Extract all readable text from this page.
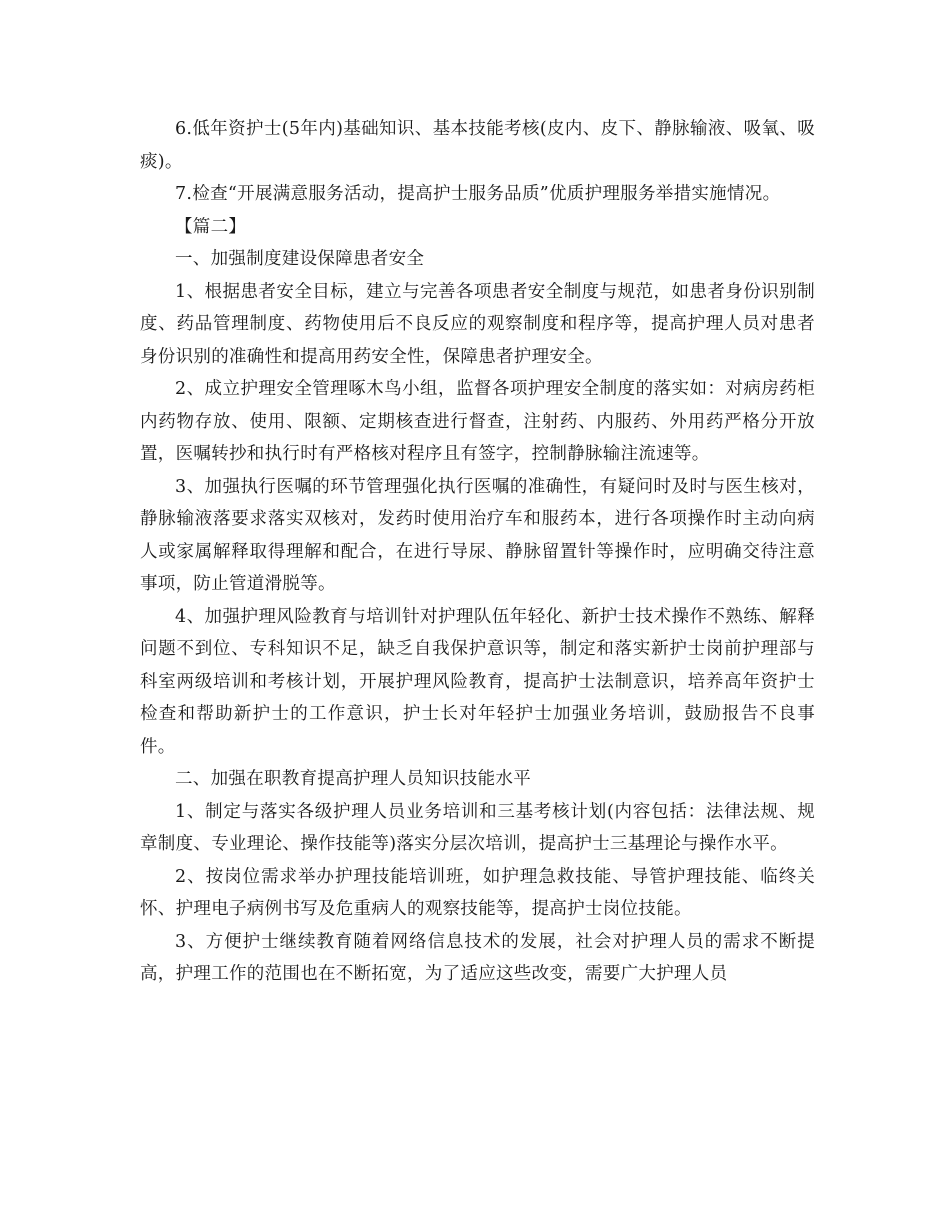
6.低年资护士(5年内)基础知识、基本技能考核(皮内、皮下、静脉输液、吸氧、吸痰)。

7.检查“开展满意服务活动，提高护士服务品质”优质护理服务举措实施情况。

【篇二】

一、加强制度建设保障患者安全

1、根据患者安全目标，建立与完善各项患者安全制度与规范，如患者身份识别制度、药品管理制度、药物使用后不良反应的观察制度和程序等，提高护理人员对患者身份识别的准确性和提高用药安全性，保障患者护理安全。

2、成立护理安全管理啄木鸟小组，监督各项护理安全制度的落实如：对病房药柜内药物存放、使用、限额、定期核查进行督查，注射药、内服药、外用药严格分开放置，医嘱转抄和执行时有严格核对程序且有签字，控制静脉输注流速等。

3、加强执行医嘱的环节管理强化执行医嘱的准确性，有疑问时及时与医生核对，静脉输液落要求落实双核对，发药时使用治疗车和服药本，进行各项操作时主动向病人或家属解释取得理解和配合，在进行导尿、静脉留置针等操作时，应明确交待注意事项，防止管道滑脱等。

4、加强护理风险教育与培训针对护理队伍年轻化、新护士技术操作不熟练、解释问题不到位、专科知识不足，缺乏自我保护意识等，制定和落实新护士岗前护理部与科室两级培训和考核计划，开展护理风险教育，提高护士法制意识，培养高年资护士检查和帮助新护士的工作意识，护士长对年轻护士加强业务培训，鼓励报告不良事件。

二、加强在职教育提高护理人员知识技能水平

1、制定与落实各级护理人员业务培训和三基考核计划(内容包括：法律法规、规章制度、专业理论、操作技能等)落实分层次培训，提高护士三基理论与操作水平。

2、按岗位需求举办护理技能培训班，如护理急救技能、导管护理技能、临终关怀、护理电子病例书写及危重病人的观察技能等，提高护士岗位技能。

3、方便护士继续教育随着网络信息技术的发展，社会对护理人员的需求不断提高，护理工作的范围也在不断拓宽，为了适应这些改变，需要广大护理人员
